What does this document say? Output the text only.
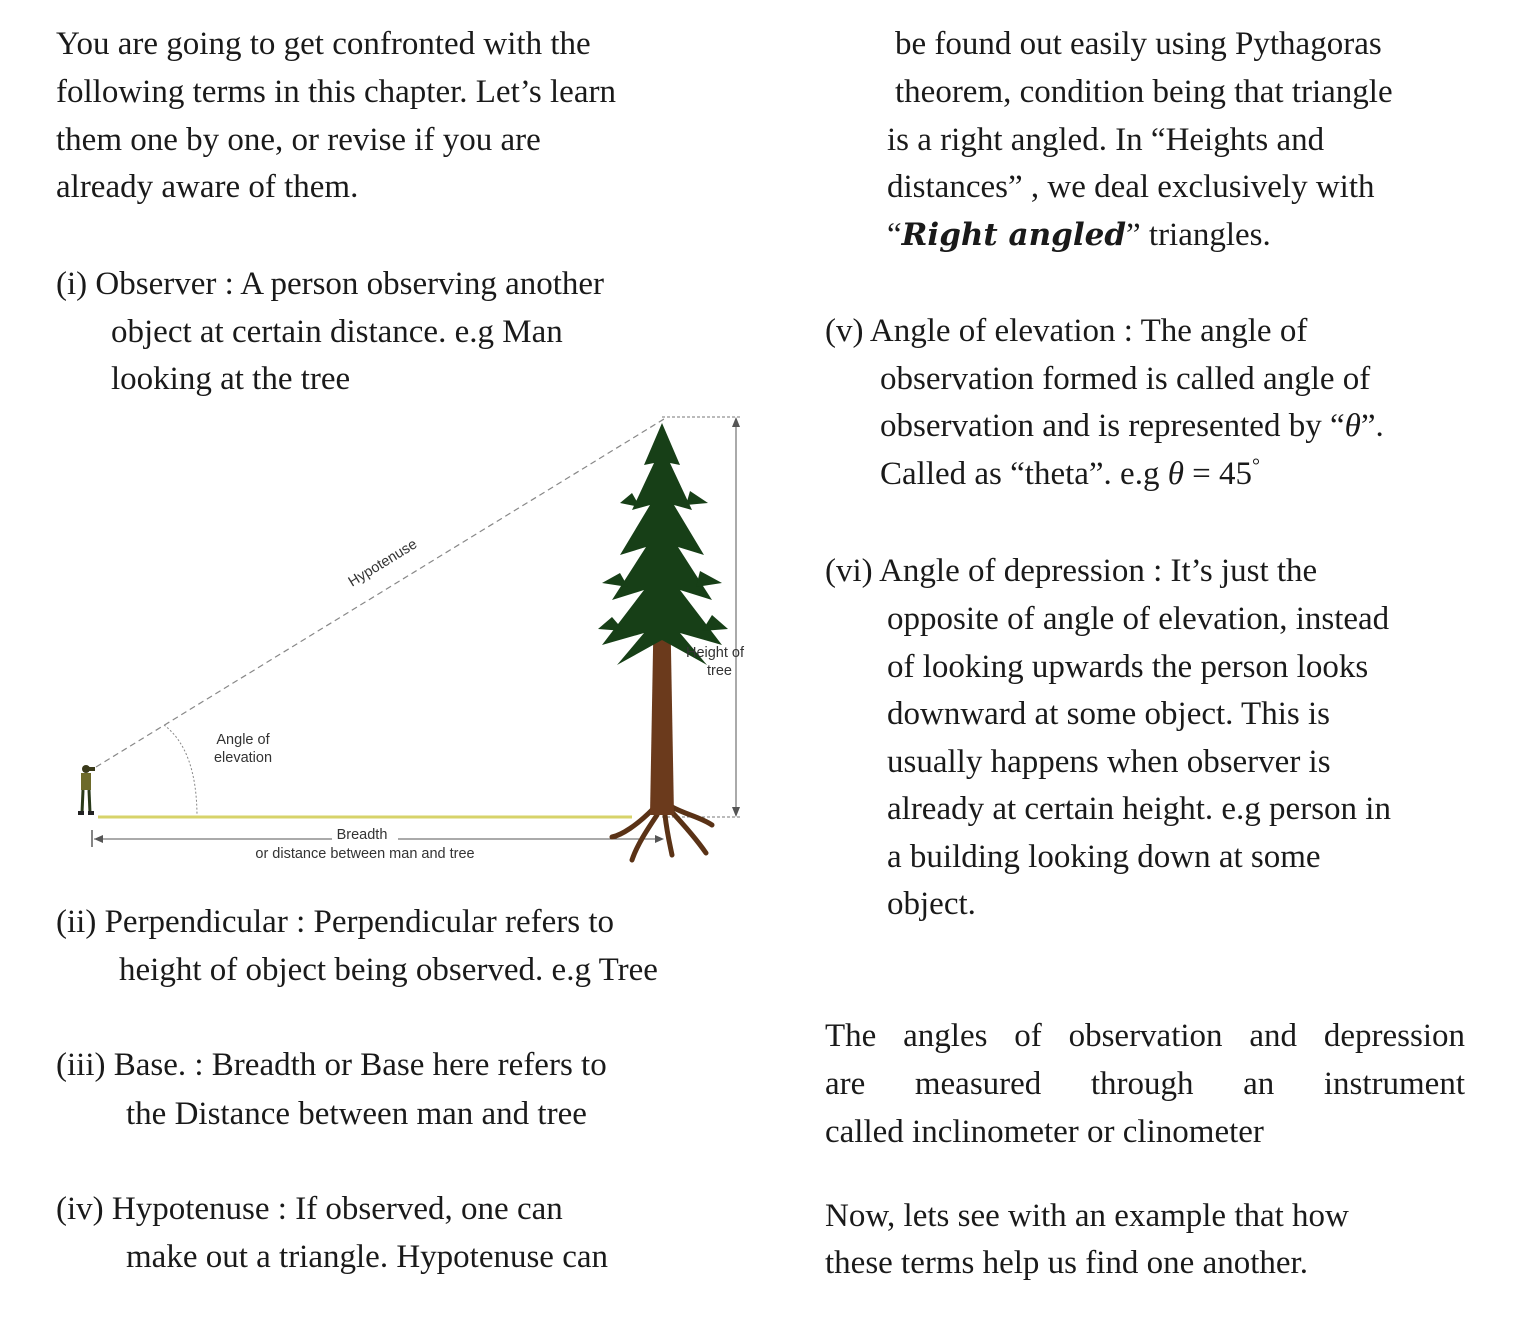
You are going to get confronted with the
following terms in this chapter. Let’s learn
them one by one, or revise if you are
already aware of them.
(i) Observer : A person observing another
object at certain distance. e.g Man
looking at the tree
Hypotenuse
Height of
tree
Angle of
elevation
Breadth
or distance between man and tree
(ii) Perpendicular : Perpendicular refers to
height of object being observed. e.g Tree
(iii) Base. : Breadth or Base here refers to
the Distance between man and tree
(iv) Hypotenuse : If observed, one can
make out a triangle. Hypotenuse can
be found out easily using Pythagoras
theorem, condition being that triangle
is a right angled. In “Heights and
distances” , we deal exclusively with
“Right angled” triangles.
(v) Angle of elevation : The angle of
observation formed is called angle of
observation and is represented by “θ”.
Called as “theta”. e.g θ = 45°
(vi) Angle of depression : It’s just the
opposite of angle of elevation, instead
of looking upwards the person looks
downward at some object. This is
usually happens when observer is
already at certain height. e.g person in
a building looking down at some
object.
The angles of observation and depression
are measured through an instrument
called inclinometer or clinometer
Now, lets see with an example that how
these terms help us find one another.
